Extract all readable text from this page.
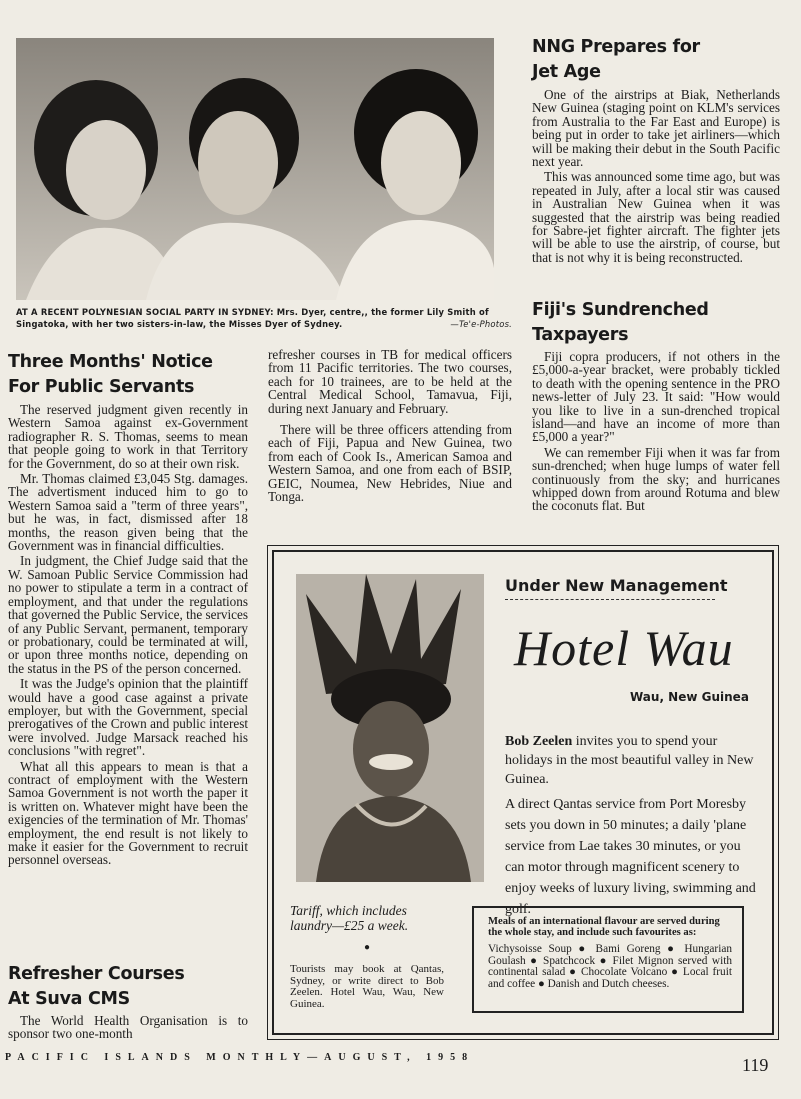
AT A RECENT POLYNESIAN SOCIAL PARTY IN SYDNEY: Mrs. Dyer, centre,, the former Lily Smith of Singatoka, with her two sisters-in-law, the Misses Dyer of Sydney.	—Te'e-Photos.
NNG Prepares for
Jet Age

One of the airstrips at Biak, Netherlands New Guinea (staging point on KLM's services from Australia to the Far East and Europe) is being put in order to take jet airliners—which will be making their debut in the South Pacific next year.

This was announced some time ago, but was repeated in July, after a local stir was caused in Australian New Guinea when it was suggested that the airstrip was being readied for Sabre-jet fighter aircraft. The fighter jets will be able to use the airstrip, of course, but that is not why it is being reconstructed.

Fiji's Sundrenched
Taxpayers

Fiji copra producers, if not others in the £5,000-a-year bracket, were probably tickled to death with the opening sentence in the PRO news-letter of July 23. It said: "How would you like to live in a sun-drenched tropical island—and have an income of more than £5,000 a year?"

We can remember Fiji when it was far from sun-drenched; when huge lumps of water fell continuously from the sky; and hurricanes whipped down from around Rotuma and blew the coconuts flat. But

Three Months' Notice
For Public Servants

The reserved judgment given recently in Western Samoa against ex-Government radiographer R. S. Thomas, seems to mean that people going to work in that Territory for the Government, do so at their own risk.

Mr. Thomas claimed £3,045 Stg. damages. The advertisment induced him to go to Western Samoa said a "term of three years", but he was, in fact, dismissed after 18 months, the reason given being that the Government was in financial difficulties.

In judgment, the Chief Judge said that the W. Samoan Public Service Commission had no power to stipulate a term in a contract of employment, and that under the regulations that governed the Public Service, the services of any Public Servant, permanent, temporary or probationary, could be terminated at will, or upon three months notice, depending on the status in the PS of the person concerned.

It was the Judge's opinion that the plaintiff would have a good case against a private employer, but with the Government, special prerogatives of the Crown and public interest were involved. Judge Marsack reached his conclusions "with regret".

What all this appears to mean is that a contract of employment with the Western Samoa Government is not worth the paper it is written on. Whatever might have been the exigencies of the termination of Mr. Thomas' employment, the end result is not likely to make it easier for the Government to recruit personnel overseas.

Refresher Courses
At Suva CMS

The World Health Organisation is to sponsor two one-month

refresher courses in TB for medical officers from 11 Pacific territories. The two courses, each for 10 trainees, are to be held at the Central Medical School, Tamavua, Fiji, during next January and February.

There will be three officers attending from each of Fiji, Papua and New Guinea, two from each of Cook Is., American Samoa and Western Samoa, and one from each of BSIP, GEIC, Noumea, New Hebrides, Niue and Tonga.

Under New Management
Hotel Wau
Wau, New Guinea
Bob Zeelen invites you to spend your holidays in the most beautiful valley in New Guinea.
A direct Qantas service from Port Moresby sets you down in 50 minutes; a daily 'plane service from Lae takes 30 minutes, or you can motor through magnificent scenery to enjoy weeks of luxury living, swimming and golf.
Tariff, which includes laundry—£25 a week.
●
Tourists may book at Qantas, Sydney, or write direct to Bob Zeelen. Hotel Wau, Wau, New Guinea.
Meals of an international flavour are served during the whole stay, and include such favourites as:
Vichysoisse Soup ● Bami Goreng ● Hungarian Goulash ● Spatchcock ● Filet Mignon served with continental salad ● Chocolate Volcano ● Local fruit and coffee ● Danish and Dutch cheeses.
PACIFIC ISLANDS MONTHLY—AUGUST, 1958	119
